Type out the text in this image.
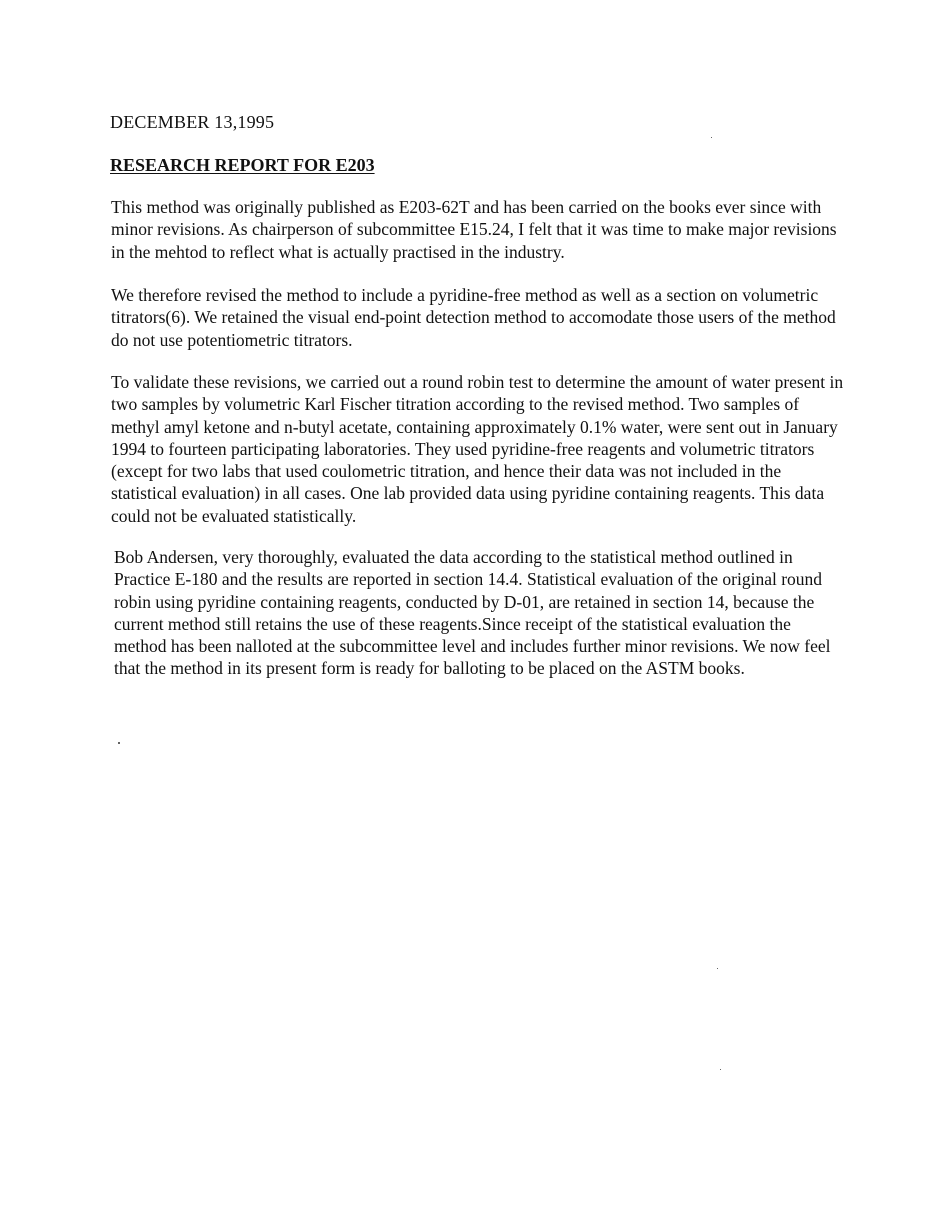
DECEMBER 13,1995
RESEARCH REPORT FOR E203

This method was originally published as E203-62T and has been carried on the books ever since with minor revisions. As chairperson of subcommittee E15.24, I felt that it was time to make major revisions in the mehtod to reflect what is actually practised in the industry.

We therefore revised the method to include a pyridine-free method as well as a section on volumetric titrators(6). We retained the visual end-point detection method to accomodate those users of the method do not use potentiometric titrators.

To validate these revisions, we carried out a round robin test to determine the amount of water present in two samples by volumetric Karl Fischer titration according to the revised method. Two samples of methyl amyl ketone and n-butyl acetate, containing approximately 0.1% water, were sent out in January 1994 to fourteen participating laboratories. They used pyridine-free reagents and volumetric titrators (except for two labs that used coulometric titration, and hence their data was not included in the statistical evaluation) in all cases. One lab provided data using pyridine containing reagents. This data could not be evaluated statistically.

Bob Andersen, very thoroughly, evaluated the data according to the statistical method outlined in Practice E-180 and the results are reported in section 14.4. Statistical evaluation of the original round robin using pyridine containing reagents, conducted by D-01, are retained in section 14, because the current method still retains the use of these reagents.Since receipt of the statistical evaluation the method has been nalloted at the subcommittee level and includes further minor revisions. We now feel that the method in its present form is ready for balloting to be placed on the ASTM books.
